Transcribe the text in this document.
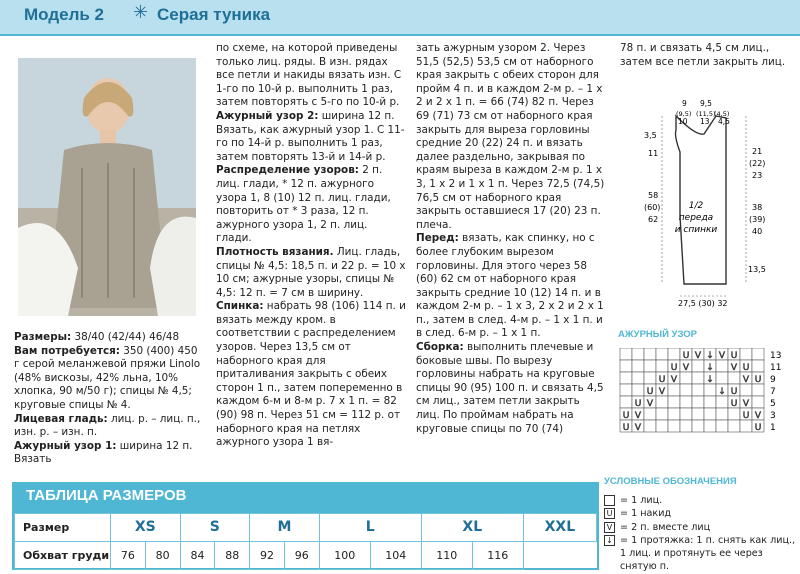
Модель 2 ✳ Серая туника

Размеры: 38/40 (42/44) 46/48

Вам потребуется: 350 (400) 450 г серой меланжевой пряжи Linolo (48% вискозы, 42% льна, 10% хлопка, 90 м/50 г); спицы № 4,5; круговые спицы № 4.

Лицевая гладь: лиц. р. – лиц. п., изн. р. – изн. п.

Ажурный узор 1: ширина 12 п. Вязать

по схеме, на которой приведены только лиц. ряды. В изн. рядах все петли и накиды вязать изн. С 1-го по 10-й р. выполнить 1 раз, затем повторять с 5-го по 10-й р.

Ажурный узор 2: ширина 12 п. Вязать, как ажурный узор 1. С 11-го по 14-й р. выполнить 1 раз, затем повторять 13-й и 14-й р.

Распределение узоров: 2 п. лиц. глади, * 12 п. ажурного узора 1, 8 (10) 12 п. лиц. глади, повторить от * 3 раза, 12 п. ажурного узора 1, 2 п. лиц. глади.

Плотность вязания. Лиц. гладь, спицы № 4,5: 18,5 п. и 22 р. = 10 х 10 см; ажурные узоры, спицы № 4,5: 12 п. = 7 см в ширину.

Спинка: набрать 98 (106) 114 п. и вязать между кром. в соответствии с распределением узоров. Через 13,5 см от наборного края для приталивания закрыть с обеих сторон 1 п., затем попеременно в каждом 6-м и 8-м р. 7 х 1 п. = 82 (90) 98 п. Через 51 см = 112 р. от наборного края на петлях ажурного узора 1 вя-

зать ажурным узором 2. Через 51,5 (52,5) 53,5 см от наборного края закрыть с обеих сторон для пройм 4 п. и в каждом 2-м р. – 1 х 2 и 2 х 1 п. = 66 (74) 82 п. Через 69 (71) 73 см от наборного края закрыть для выреза горловины средние 20 (22) 24 п. и вязать далее раздельно, закрывая по краям выреза в каждом 2-м р. 1 х 3, 1 х 2 и 1 х 1 п. Через 72,5 (74,5) 76,5 см от наборного края закрыть оставшиеся 17 (20) 23 п. плеча.

Перед: вязать, как спинку, но с более глубоким вырезом горловины. Для этого через 58 (60) 62 см от наборного края закрыть средние 10 (12) 14 п. и в каждом 2-м р. – 1 х 3, 2 х 2 и 2 х 1 п., затем в след. 4-м р. – 1 х 1 п. и в след. 6-м р. – 1 х 1 п.

Сборка: выполнить плечевые и боковые швы. По вырезу горловины набрать на круговые спицы 90 (95) 100 п. и связать 4,5 см лиц., затем петли закрыть лиц. По проймам набрать на круговые спицы по 70 (74)

78 п. и связать 4,5 см лиц., затем все петли закрыть лиц.

1/2
переда
и спинки
9 9,5
(9,5) (11,5)
(4,5)
10 13 4,5
3,5
11
58
(60)
62
21
(22)
23
38
(39)
40
13,5
27,5 (30) 32
АЖУРНЫЙ УЗОР
U V ↓ V U
U V ↓ V U
U V	↓	V U
U V	↓ U
U V	U V
U V	U V
U V	U
13
11
9
7
5
3
1
УСЛОВНЫЕ ОБОЗНАЧЕНИЯ
= 1 лиц.
U = 1 накид
V = 2 п. вместе лиц
↓ = 1 протяжка: 1 п. снять как лиц., 1 лиц. и протянуть ее через снятую п.
ТАБЛИЦА РАЗМЕРОВ
Размер	XS		S		M		L		XL		XXL
Обхват груди	76	80	84	88	92	96	100	104	110	116	
